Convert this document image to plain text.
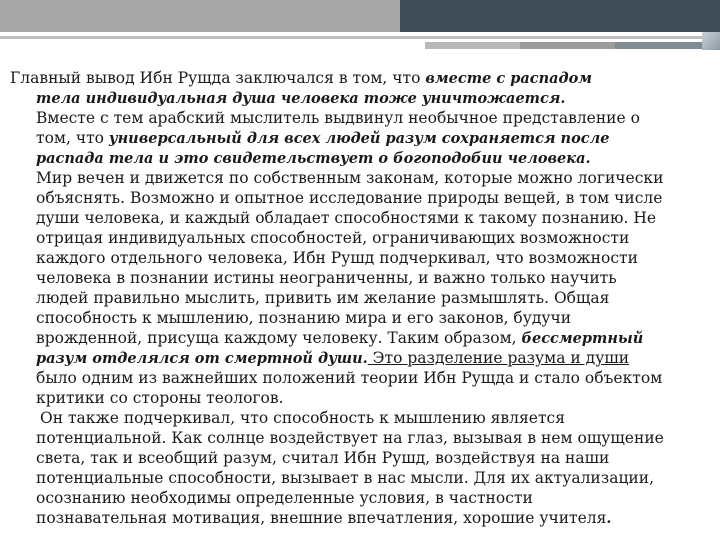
Главный вывод Ибн Рущда заключался в том, что вместе с распадом
тела индивидуальная душа человека тоже уничтожается.
Вместе с тем арабский мыслитель выдвинул необычное представление о
том, что универсальный для всех людей разум сохраняется после
распада тела и это свидетельствует о богоподобии человека.
Мир вечен и движется по собственным законам, которые можно логически
объяснять. Возможно и опытное исследование природы вещей, в том числе
души человека, и каждый обладает способностями к такому познанию. Не
отрицая индивидуальных способностей, ограничивающих возможности
каждого отдельного человека, Ибн Рушд подчеркивал, что возможности
человека в познании истины неограниченны, и важно только научить
людей правильно мыслить, привить им желание размышлять. Общая
способность к мышлению, познанию мира и его законов, будучи
врожденной, присуща каждому человеку. Таким образом, бессмертный
разум отделялся от смертной души. Это разделение разума и души
было одним из важнейших положений теории Ибн Рущда и стало объектом
критики со стороны теологов.
Он также подчеркивал, что способность к мышлению является
потенциальной. Как солнце воздействует на глаз, вызывая в нем ощущение
света, так и всеобщий разум, считал Ибн Рушд, воздействуя на наши
потенциальные способности, вызывает в нас мысли. Для их актуализации,
осознанию необходимы определенные условия, в частности
познавательная мотивация, внешние впечатления, хорошие учителя.
